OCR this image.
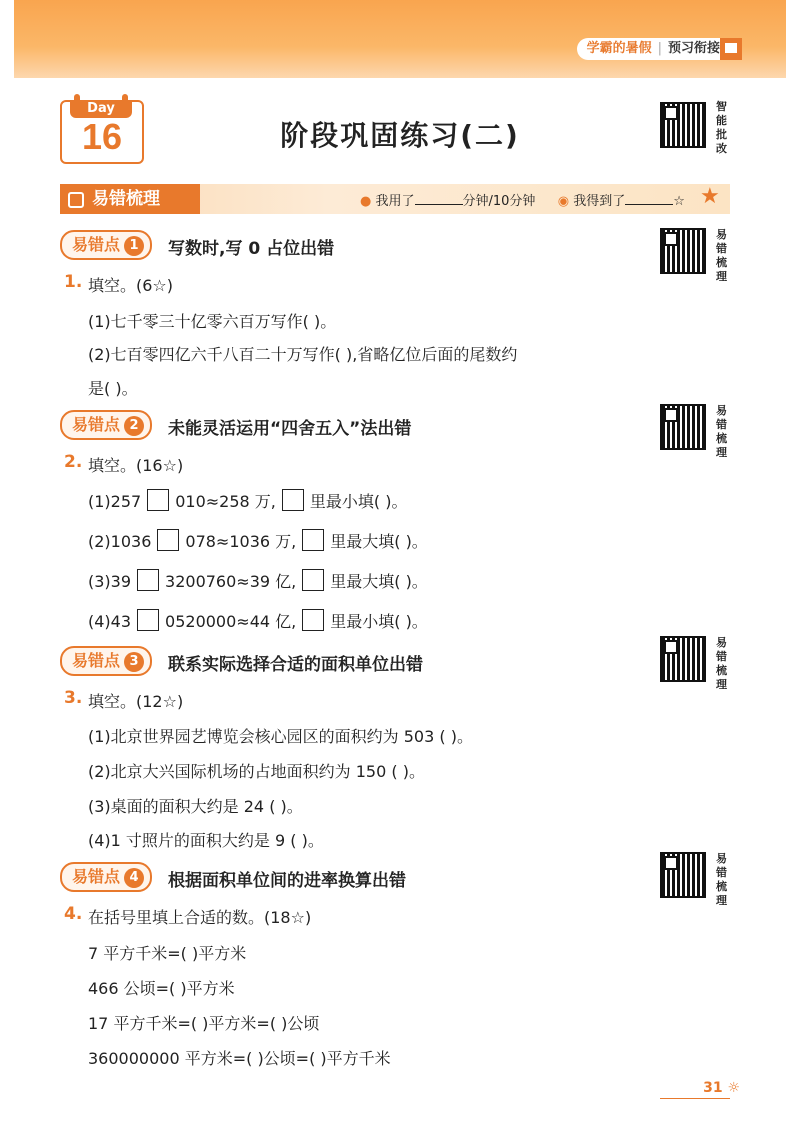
学霸的暑假 | 预习衔接
Day
16	阶段巩固练习(二)
智能批改
易错梳理
易错梳理
易错梳理
易错梳理
易错梳理	● 我用了	分钟/10分钟 ◉ 我得到了	☆ ★
易错点 1	写数时,写 0 占位出错
1. 填空。(6☆)
(1)七千零三十亿零六百万写作( )。
(2)七百零四亿六千八百二十万写作( ),省略亿位后面的尾数约
是( )。
易错点 2	未能灵活运用“四舍五入”法出错
2. 填空。(16☆)
(1)257 010≈258 万, 里最小填( )。
(2)1036 078≈1036 万, 里最大填( )。
(3)39 3200760≈39 亿, 里最大填( )。
(4)43 0520000≈44 亿, 里最小填( )。
易错点 3	联系实际选择合适的面积单位出错
3. 填空。(12☆)
(1)北京世界园艺博览会核心园区的面积约为 503 ( )。
(2)北京大兴国际机场的占地面积约为 150 ( )。
(3)桌面的面积大约是 24 ( )。
(4)1 寸照片的面积大约是 9 ( )。
易错点 4	根据面积单位间的进率换算出错
4. 在括号里填上合适的数。(18☆)
7 平方千米=( )平方米
466 公顷=( )平方米
17 平方千米=( )平方米=( )公顷
360000000 平方米=( )公顷=( )平方千米
31 ☼
